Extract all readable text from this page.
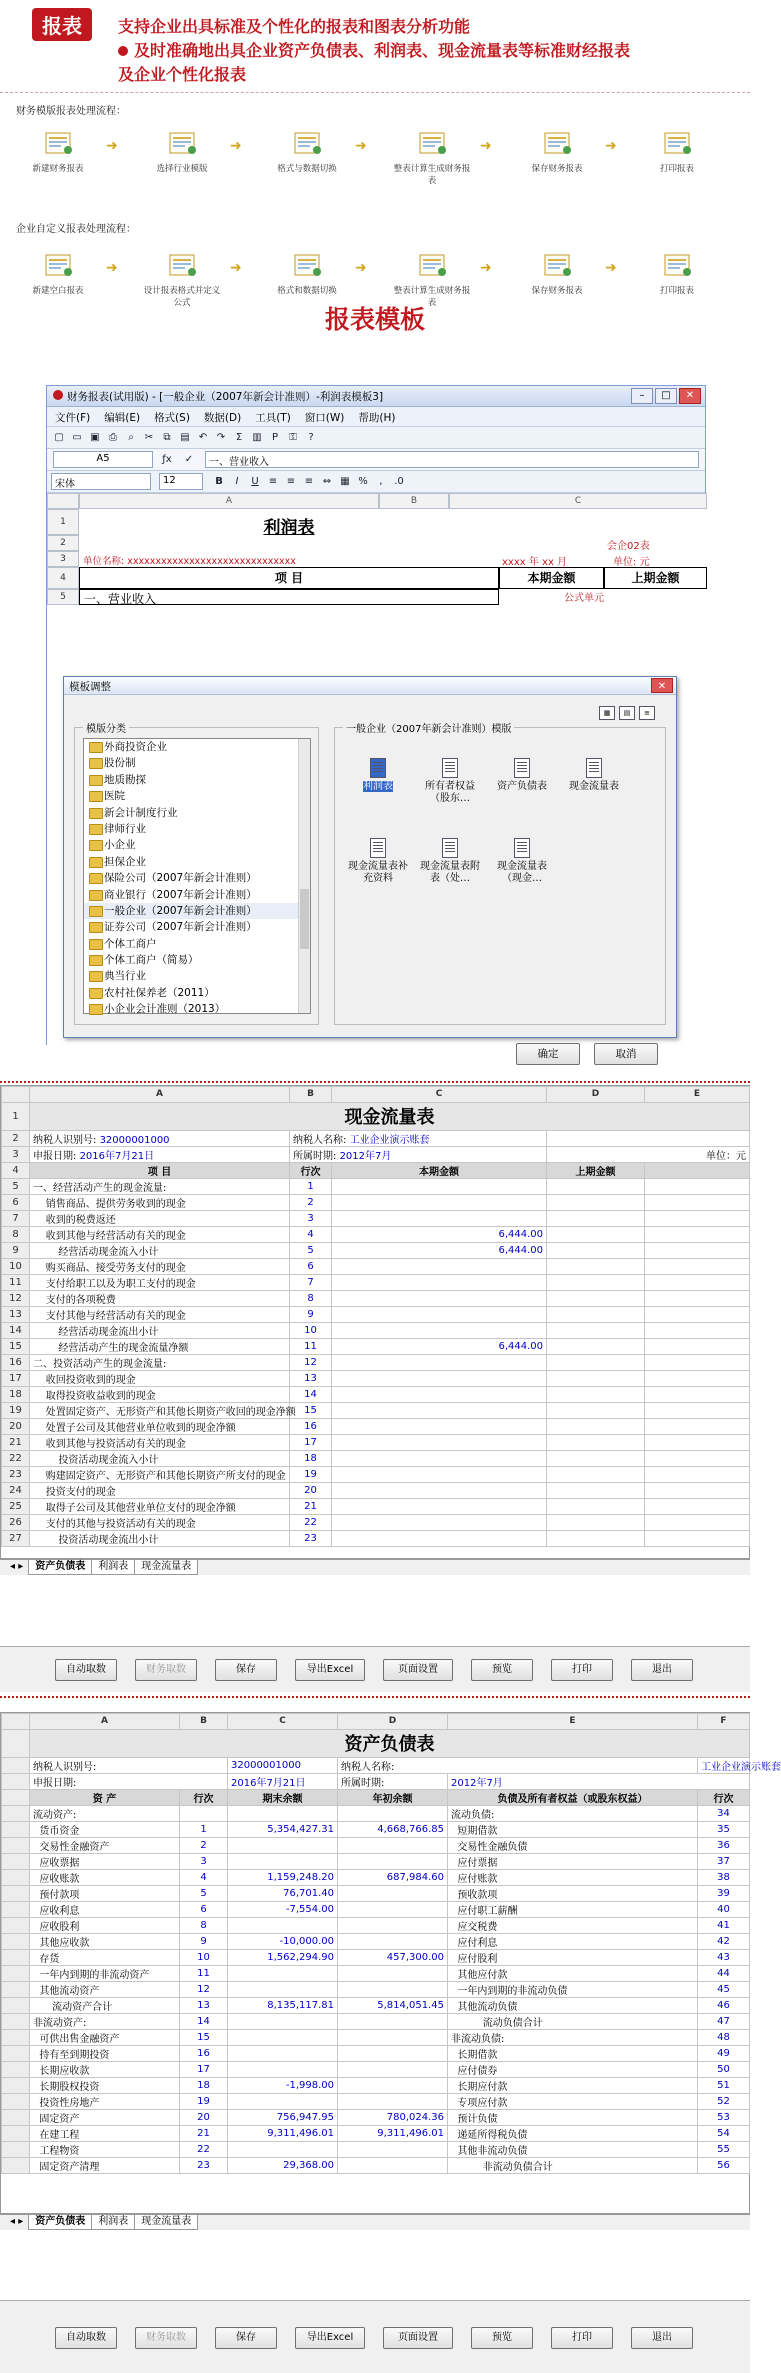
报表	支持企业出具标准及个性化的报表和图表分析功能
及时准确地出具企业资产负债表、利润表、现金流量表等标准财经报表
及企业个性化报表
财务模版报表处理流程：
新建财务报表
➜
选择行业模版
➜
格式与数据切换
➜
整表计算生成财务报表
➜
保存财务报表
➜
打印报表
企业自定义报表处理流程：
新建空白报表
➜
设计报表格式并定义公式
➜
格式和数据切换
➜
整表计算生成财务报表
➜
保存财务报表
➜
打印报表
报表模板
财务报表(试用版) - [一般企业（2007年新会计准则）-利润表模板3]	– □ ✕
文件(F) 编辑(E) 格式(S) 数据(D) 工具(T) 窗口(W) 帮助(H)
▢ ▭ ▣ ⎙ ⌕ ✂ ⧉ ▤ ↶ ↷ Σ ▥ P ⚿ ?
A5	ƒx	✓	一、营业收入
宋体	12	B I U ≡ ≡ ≡ ⇔ ▦ % , .0
A	B	C
1
2
3
4
5
利润表
会企02表
单位名称: xxxxxxxxxxxxxxxxxxxxxxxxxxxxxx	xxxx 年 xx 月	单位: 元
项 目	本期金额	上期金额
一、营业收入	公式单元
模板调整	✕
模版分类
外商投资企业
股份制
地质勘探
医院
新会计制度行业
律师行业
小企业
担保企业
保险公司（2007年新会计准则）
商业银行（2007年新会计准则）
一般企业（2007年新会计准则）
证券公司（2007年新会计准则）
个体工商户
个体工商户（简易）
典当行业
农村社保养老（2011）
小企业会计准则（2013）
一般企业（2007年新会计准则）模版
▦	▤	≡
利润表	所有者权益（股东…
资产负债表	现金流量表
现金流量表补充资料
现金流量表附表（处…
现金流量表（现金…
确定	取消
	A	B	C	D	E
1	现金流量表				
2	纳税人识别号: 32000001000	纳税人名称: 工业企业演示账套			
3	申报日期: 2016年7月21日	所属时期: 2012年7月		单位：元	
4	项 目	行次	本期金额	上期金额	
5	一、经营活动产生的现金流量:	1			
6	销售商品、提供劳务收到的现金	2			
7	收到的税费返还	3			
8	收到其他与经营活动有关的现金	4	6,444.00		
9	经营活动现金流入小计	5	6,444.00		
10	购买商品、接受劳务支付的现金	6			
11	支付给职工以及为职工支付的现金	7			
12	支付的各项税费	8			
13	支付其他与经营活动有关的现金	9			
14	经营活动现金流出小计	10			
15	经营活动产生的现金流量净额	11	6,444.00		
16	二、投资活动产生的现金流量:	12			
17	收回投资收到的现金	13			
18	取得投资收益收到的现金	14			
19	处置固定资产、无形资产和其他长期资产收回的现金净额	15			
20	处置子公司及其他营业单位收到的现金净额	16			
21	收到其他与投资活动有关的现金	17			
22	投资活动现金流入小计	18			
23	购建固定资产、无形资产和其他长期资产所支付的现金	19			
24	投资支付的现金	20			
25	取得子公司及其他营业单位支付的现金净额	21			
26	支付的其他与投资活动有关的现金	22			
27	投资活动现金流出小计	23			
◂ ▸ 资产负债表 利润表 现金流量表
自动取数	财务取数	保存	导出Excel	页面设置	预览	打印	退出
	A	B	C	D	E	F
	资产负债表					
	纳税人识别号:		32000001000	纳税人名称:		工业企业演示账套
	申报日期:		2016年7月21日	所属时期:	2012年7月	
	资 产	行次	期末余额	年初余额	负债及所有者权益（或股东权益）	行次
	流动资产:				流动负债:	34
	货币资金	1	5,354,427.31	4,668,766.85	短期借款	35
	交易性金融资产	2			交易性金融负债	36
	应收票据	3			应付票据	37
	应收账款	4	1,159,248.20	687,984.60	应付账款	38
	预付款项	5	76,701.40		预收款项	39
	应收利息	6	-7,554.00		应付职工薪酬	40
	应收股利	8			应交税费	41
	其他应收款	9	-10,000.00		应付利息	42
	存货	10	1,562,294.90	457,300.00	应付股利	43
	一年内到期的非流动资产	11			其他应付款	44
	其他流动资产	12			一年内到期的非流动负债	45
	流动资产合计	13	8,135,117.81	5,814,051.45	其他流动负债	46
	非流动资产:	14			流动负债合计	47
	可供出售金融资产	15			非流动负债:	48
	持有至到期投资	16			长期借款	49
	长期应收款	17			应付债券	50
	长期股权投资	18	-1,998.00		长期应付款	51
	投资性房地产	19			专项应付款	52
	固定资产	20	756,947.95	780,024.36	预计负债	53
	在建工程	21	9,311,496.01	9,311,496.01	递延所得税负债	54
	工程物资	22			其他非流动负债	55
	固定资产清理	23	29,368.00		非流动负债合计	56
◂ ▸ 资产负债表 利润表 现金流量表
自动取数	财务取数	保存	导出Excel	页面设置	预览	打印	退出
